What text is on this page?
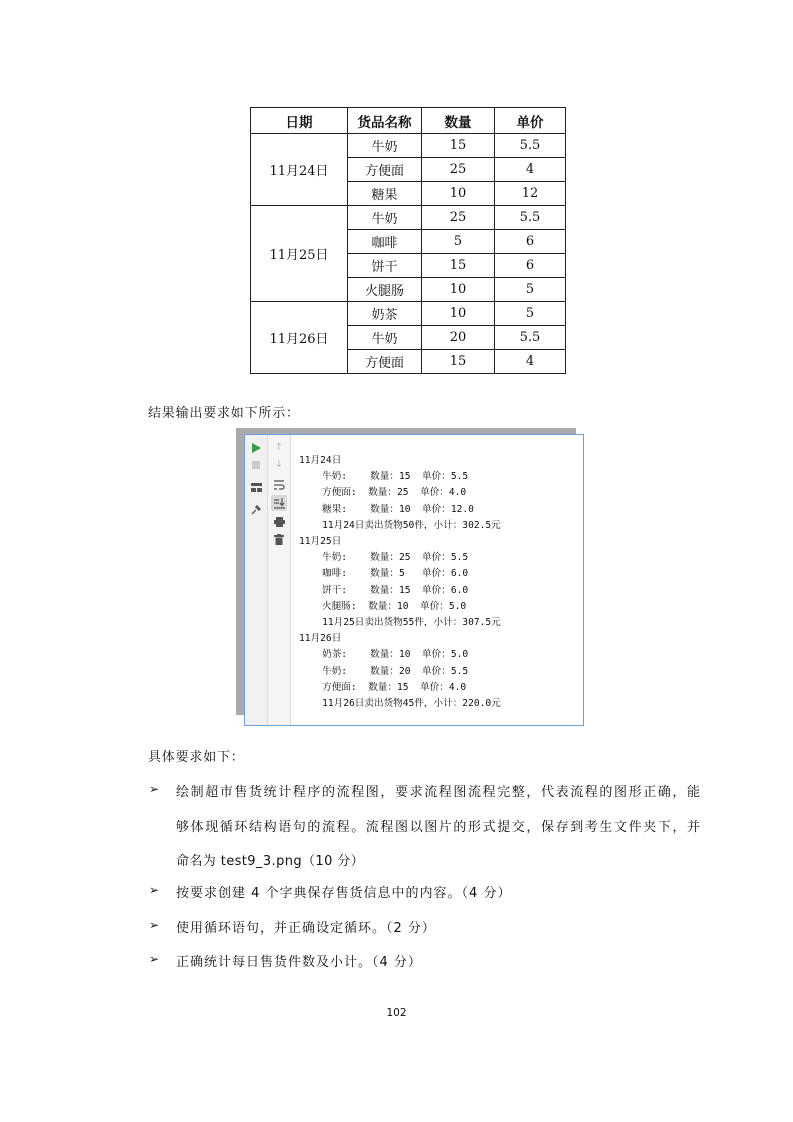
日期	货品名称	数量	单价
11月24日	牛奶	15	5.5
	方便面	25	4
	糖果	10	12
11月25日	牛奶	25	5.5
	咖啡	5	6
	饼干	15	6
	火腿肠	10	5
11月26日	奶茶	10	5
	牛奶	20	5.5
	方便面	15	4
结果输出要求如下所示：
↑
↓ 11月24日
牛奶:    数量：15  单价：5.5
方便面:  数量：25  单价：4.0
糖果:    数量：10  单价：12.0
11月24日卖出货物50件，小计：302.5元
11月25日
牛奶:    数量：25  单价：5.5
咖啡:    数量：5   单价：6.0
饼干:    数量：15  单价：6.0
火腿肠:  数量：10  单价：5.0
11月25日卖出货物55件，小计：307.5元
11月26日
奶茶:    数量：10  单价：5.0
牛奶:    数量：20  单价：5.5
方便面:  数量：15  单价：4.0
11月26日卖出货物45件，小计：220.0元
具体要求如下：
➢ 绘制超市售货统计程序的流程图，要求流程图流程完整，代表流程的图形正确，能
够体现循环结构语句的流程。流程图以图片的形式提交，保存到考生文件夹下，并
命名为 test9_3.png（10 分）
➢ 按要求创建 4 个字典保存售货信息中的内容。（4 分）
➢ 使用循环语句，并正确设定循环。（2 分）
➢ 正确统计每日售货件数及小计。（4 分）
102
